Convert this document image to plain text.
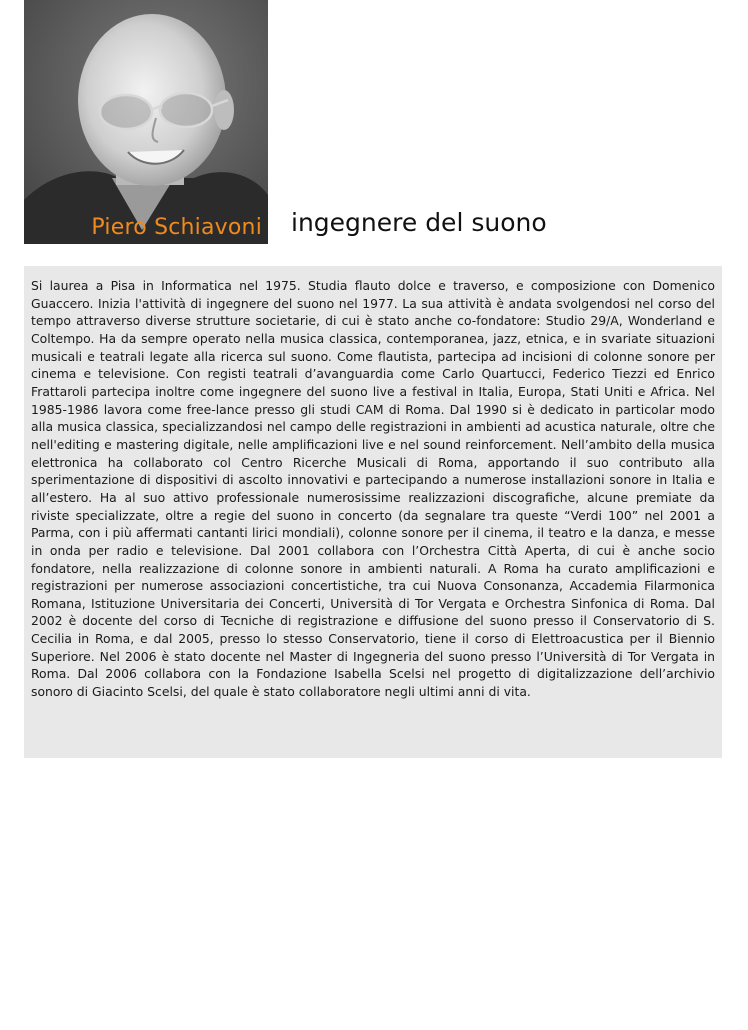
Piero Schiavoni ingegnere del suono

Si laurea a Pisa in Informatica nel 1975. Studia flauto dolce e traverso, e composizione con Domenico Guaccero. Inizia l'attività di ingegnere del suono nel 1977. La sua attività è andata svolgendosi nel corso del tempo attraverso diverse strutture societarie, di cui è stato anche co-fondatore: Studio 29/A, Wonderland e Coltempo. Ha da sempre operato nella musica classica, contemporanea, jazz, etnica, e in svariate situazioni musicali e teatrali legate alla ricerca sul suono. Come flautista, partecipa ad incisioni di colonne sonore per cinema e televisione. Con registi teatrali d’avanguardia come Carlo Quartucci, Federico Tiezzi ed Enrico Frattaroli partecipa inoltre come ingegnere del suono live a festival in Italia, Europa, Stati Uniti e Africa. Nel 1985-1986 lavora come free-lance presso gli studi CAM di Roma. Dal 1990 si è dedicato in particolar modo alla musica classica, specializzandosi nel campo delle registrazioni in ambienti ad acustica naturale, oltre che nell'editing e mastering digitale, nelle amplificazioni live e nel sound reinforcement. Nell’ambito della musica elettronica ha collaborato col Centro Ricerche Musicali di Roma, apportando il suo contributo alla sperimentazione di dispositivi di ascolto innovativi e partecipando a numerose installazioni sonore in Italia e all’estero. Ha al suo attivo professionale numerosissime realizzazioni discografiche, alcune premiate da riviste specializzate, oltre a regie del suono in concerto (da segnalare tra queste “Verdi 100” nel 2001 a Parma, con i più affermati cantanti lirici mondiali), colonne sonore per il cinema, il teatro e la danza, e messe in onda per radio e televisione. Dal 2001 collabora con l’Orchestra Città Aperta, di cui è anche socio fondatore, nella realizzazione di colonne sonore in ambienti naturali. A Roma ha curato amplificazioni e registrazioni per numerose associazioni concertistiche, tra cui Nuova Consonanza, Accademia Filarmonica Romana, Istituzione Universitaria dei Concerti, Università di Tor Vergata e Orchestra Sinfonica di Roma. Dal 2002 è docente del corso di Tecniche di registrazione e diffusione del suono presso il Conservatorio di S. Cecilia in Roma, e dal 2005, presso lo stesso Conservatorio, tiene il corso di Elettroacustica per il Biennio Superiore. Nel 2006 è stato docente nel Master di Ingegneria del suono presso l’Università di Tor Vergata in Roma. Dal 2006 collabora con la Fondazione Isabella Scelsi nel progetto di digitalizzazione dell’archivio sonoro di Giacinto Scelsi, del quale è stato collaboratore negli ultimi anni di vita.
